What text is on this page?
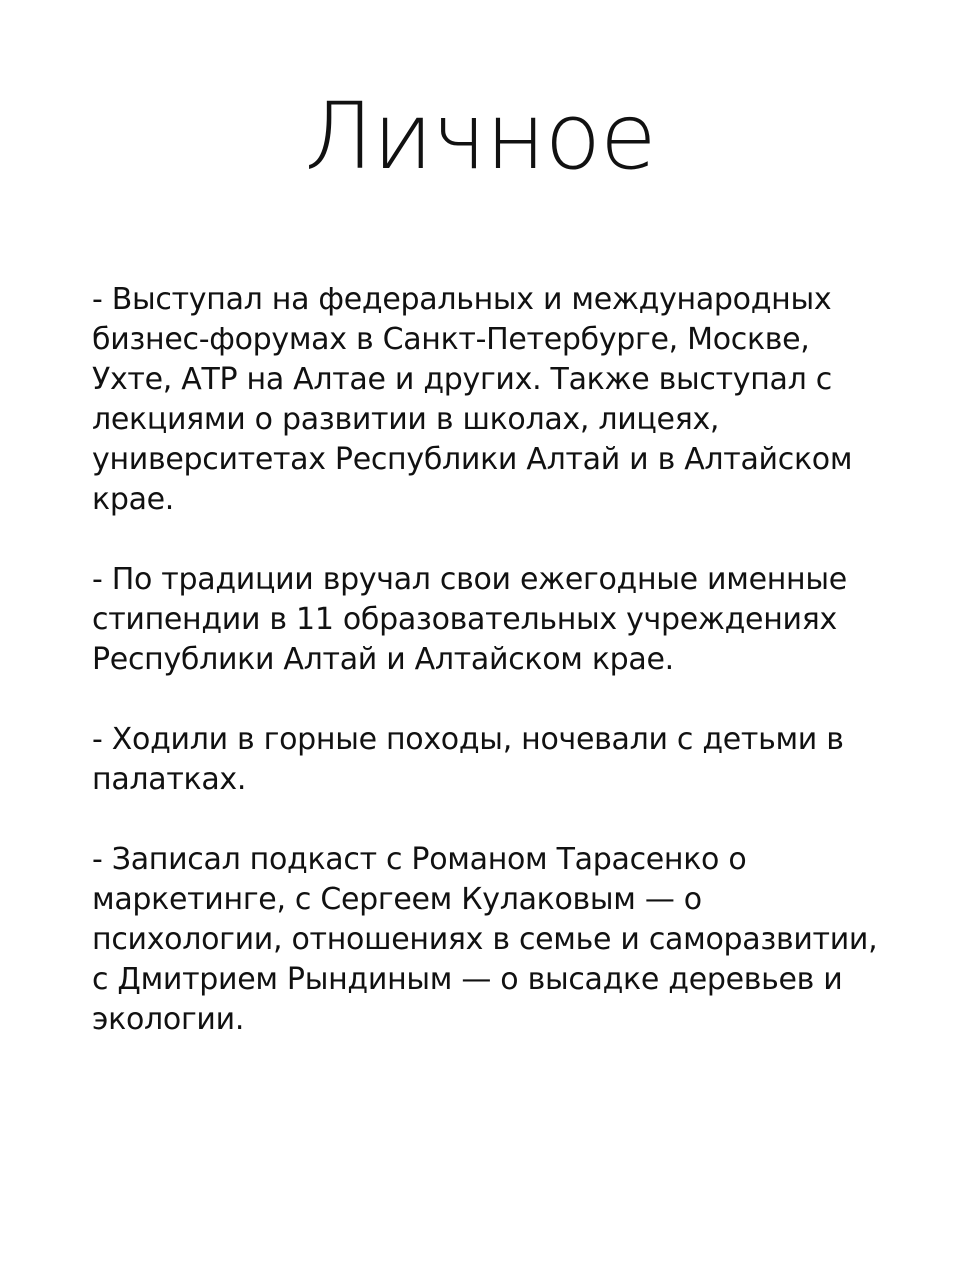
Личное

- Выступал на федеральных и международных
бизнес-форумах в Санкт-Петербурге, Москве,
Ухте, АТР на Алтае и других. Также выступал с
лекциями о развитии в школах, лицеях,
университетах Республики Алтай и в Алтайском
крае.

- По традиции вручал свои ежегодные именные
стипендии в 11 образовательных учреждениях
Республики Алтай и Алтайском крае.

- Ходили в горные походы, ночевали с детьми в
палатках.

- Записал подкаст с Романом Тарасенко о
маркетинге, с Сергеем Кулаковым — о
психологии, отношениях в семье и саморазвитии,
с Дмитрием Рындиным — о высадке деревьев и
экологии.
